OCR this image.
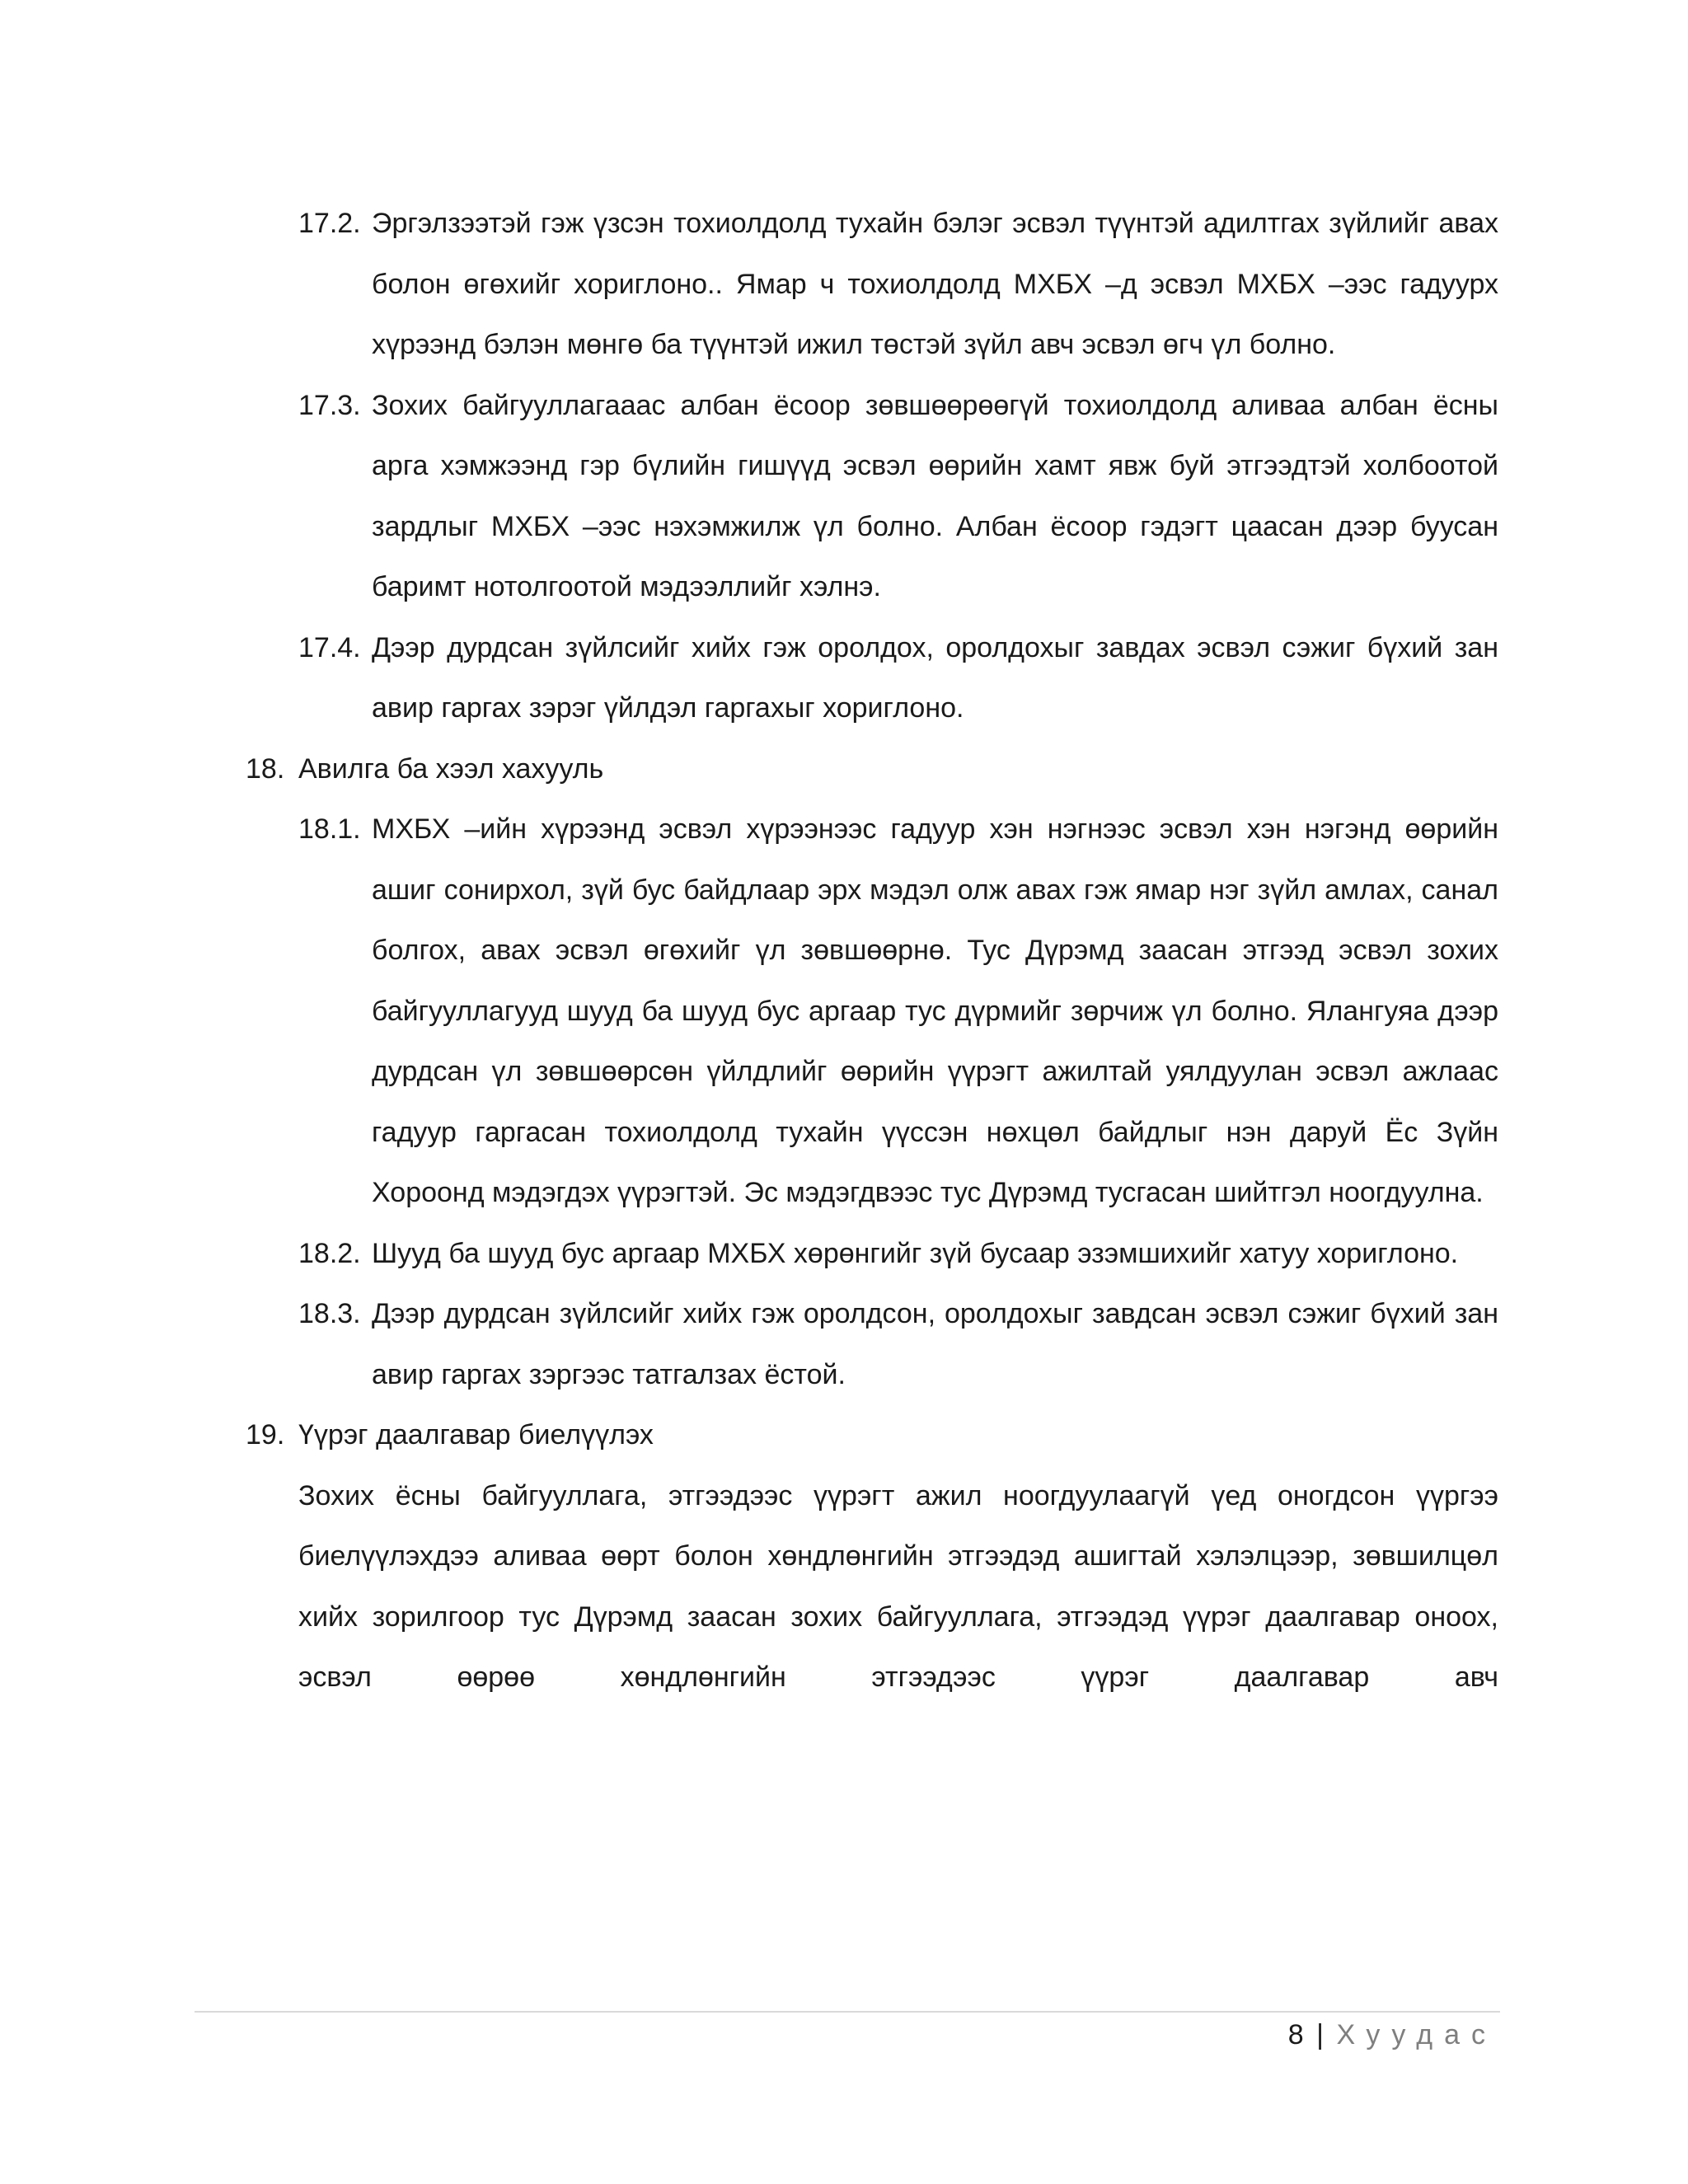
17.2. Эргэлзээтэй гэж үзсэн тохиолдолд тухайн бэлэг эсвэл түүнтэй адилтгах зүйлийг авах болон өгөхийг хориглоно.. Ямар ч тохиолдолд МХБХ –д эсвэл МХБХ –ээс гадуурх хүрээнд бэлэн мөнгө ба түүнтэй ижил төстэй зүйл авч эсвэл өгч үл болно.
17.3. Зохих байгууллагааас албан ёсоор зөвшөөрөөгүй тохиолдолд аливаа албан ёсны арга хэмжээнд гэр бүлийн гишүүд эсвэл өөрийн хамт явж буй этгээдтэй холбоотой зардлыг МХБХ –ээс нэхэмжилж үл болно. Албан ёсоор гэдэгт цаасан дээр буусан баримт нотолгоотой мэдээллийг хэлнэ.
17.4. Дээр дурдсан зүйлсийг хийх гэж оролдох, оролдохыг завдах эсвэл сэжиг бүхий зан авир гаргах зэрэг үйлдэл гаргахыг хориглоно.
18. Авилга ба хээл хахууль
18.1. МХБХ –ийн хүрээнд эсвэл хүрээнээс гадуур хэн нэгнээс эсвэл хэн нэгэнд өөрийн ашиг сонирхол, зүй бус байдлаар эрх мэдэл олж авах гэж ямар нэг зүйл амлах, санал болгох, авах эсвэл өгөхийг үл зөвшөөрнө. Тус Дүрэмд заасан этгээд эсвэл зохих байгууллагууд шууд ба шууд бус аргаар тус дүрмийг зөрчиж үл болно. Ялангуяа дээр дурдсан үл зөвшөөрсөн үйлдлийг өөрийн үүрэгт ажилтай уялдуулан эсвэл ажлаас гадуур гаргасан тохиолдолд тухайн үүссэн нөхцөл байдлыг нэн даруй Ёс Зүйн Хороонд мэдэгдэх үүрэгтэй. Эс мэдэгдвээс тус Дүрэмд тусгасан шийтгэл ноогдуулна.
18.2. Шууд ба шууд бус аргаар МХБХ хөрөнгийг зүй бусаар эзэмшихийг хатуу хориглоно.
18.3. Дээр дурдсан зүйлсийг хийх гэж оролдсон, оролдохыг завдсан эсвэл сэжиг бүхий зан авир гаргах зэргээс татгалзах ёстой.
19. Үүрэг даалгавар биелүүлэх
Зохих ёсны байгууллага, этгээдээс үүрэгт ажил ноогдуулаагүй үед оногдсон үүргээ биелүүлэхдээ аливаа өөрт болон хөндлөнгийн этгээдэд ашигтай хэлэлцээр, зөвшилцөл хийх зорилгоор тус Дүрэмд заасан зохих байгууллага, этгээдэд үүрэг даалгавар оноох, эсвэл өөрөө хөндлөнгийн этгээдээс үүрэг даалгавар авч
8 | Хуудас
